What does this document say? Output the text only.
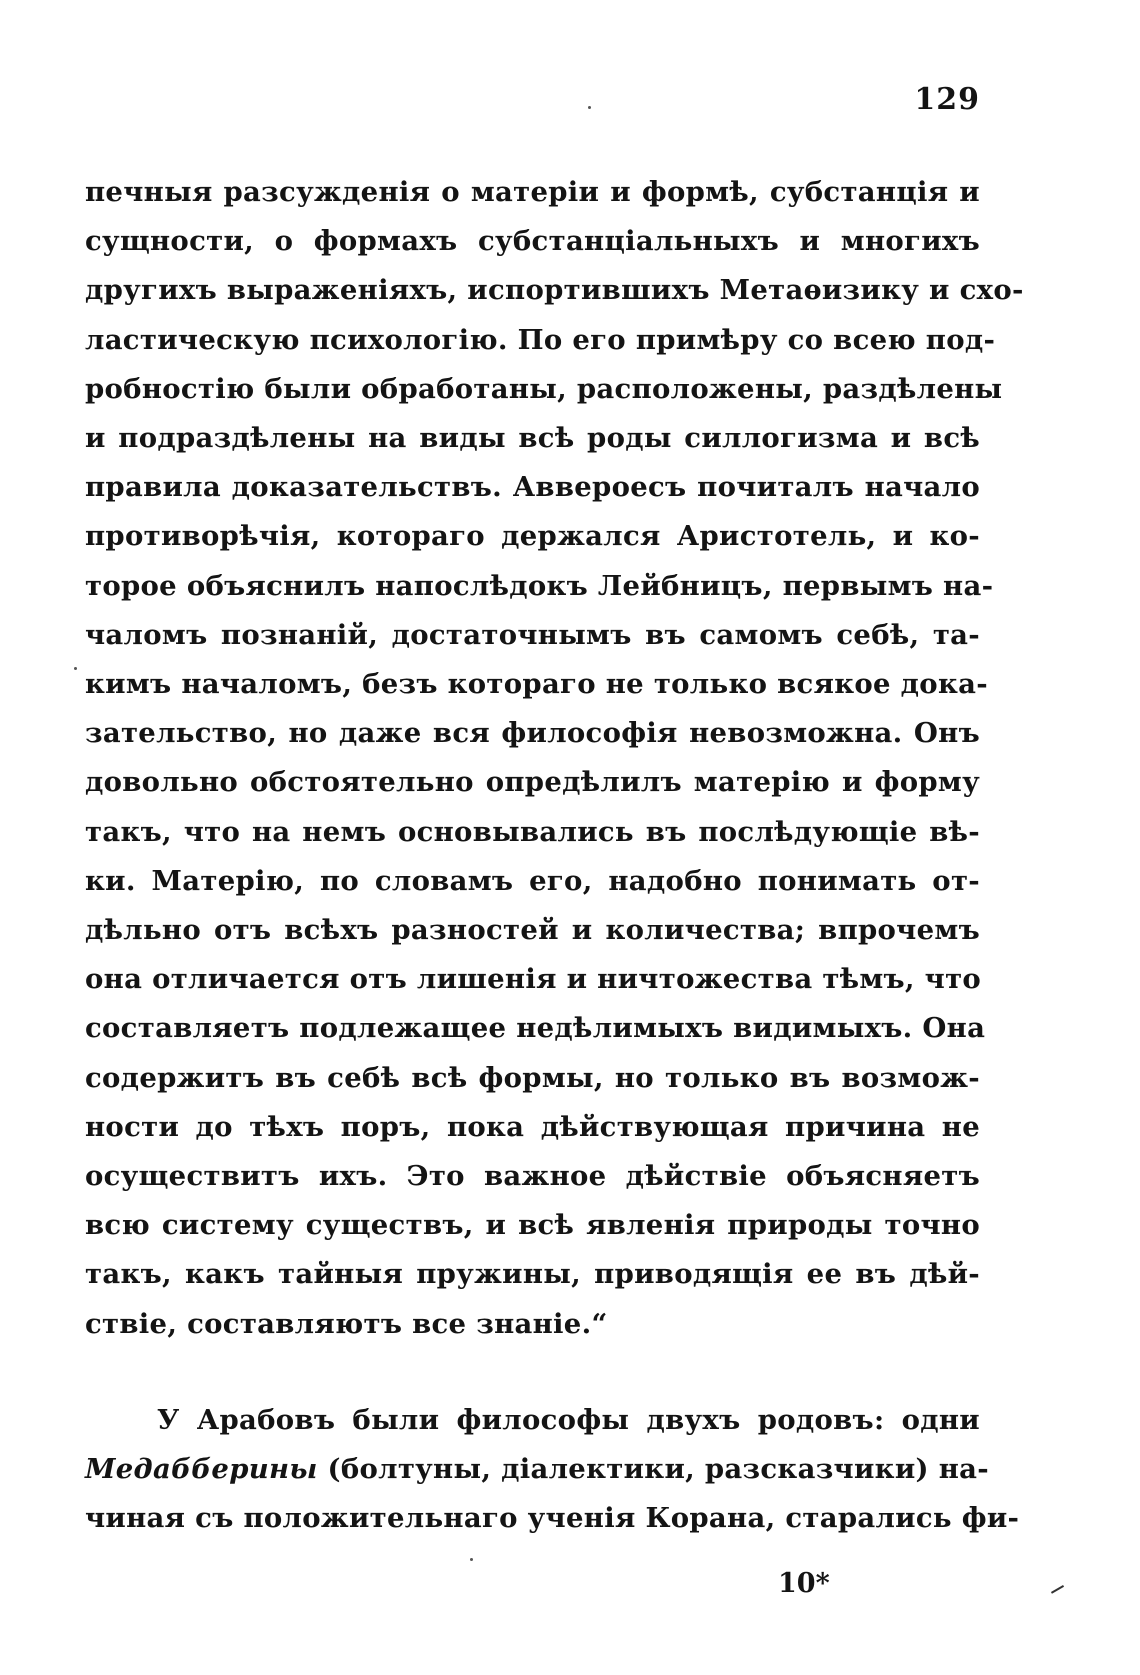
129
печныя разсужденія о матеріи и формѣ, субстанція и
сущности, о формахъ субстанціальныхъ и многихъ
другихъ выраженіяхъ, испортившихъ Метаѳизику и схо-
ластическую психологію. По его примѣру со всею под-
робностію были обработаны, расположены, раздѣлены
и подраздѣлены на виды всѣ роды силлогизма и всѣ
правила доказательствъ. Аввероесъ почиталъ начало
противорѣчія, котораго держался Аристотель, и ко-
торое объяснилъ напослѣдокъ Лейбницъ, первымъ на-
чаломъ познаній, достаточнымъ въ самомъ себѣ, та-
кимъ началомъ, безъ котораго не только всякое дока-
зательство, но даже вся философія невозможна. Онъ
довольно обстоятельно опредѣлилъ матерію и форму
такъ, что на немъ основывались въ послѣдующіе вѣ-
ки. Матерію, по словамъ его, надобно понимать от-
дѣльно отъ всѣхъ разностей и количества; впрочемъ
она отличается отъ лишенія и ничтожества тѣмъ, что
составляетъ подлежащее недѣлимыхъ видимыхъ. Она
содержитъ въ себѣ всѣ формы, но только въ возмож-
ности до тѣхъ поръ, пока дѣйствующая причина не
осуществитъ ихъ. Это важное дѣйствіе объясняетъ
всю систему существъ, и всѣ явленія природы точно
такъ, какъ тайныя пружины, приводящія ее въ дѣй-
ствіе, составляютъ все знаніе.“
У Арабовъ были философы двухъ родовъ: одни
Медабберины (болтуны, діалектики, разсказчики) на-
чиная съ положительнаго ученія Корана, старались фи-
10*
